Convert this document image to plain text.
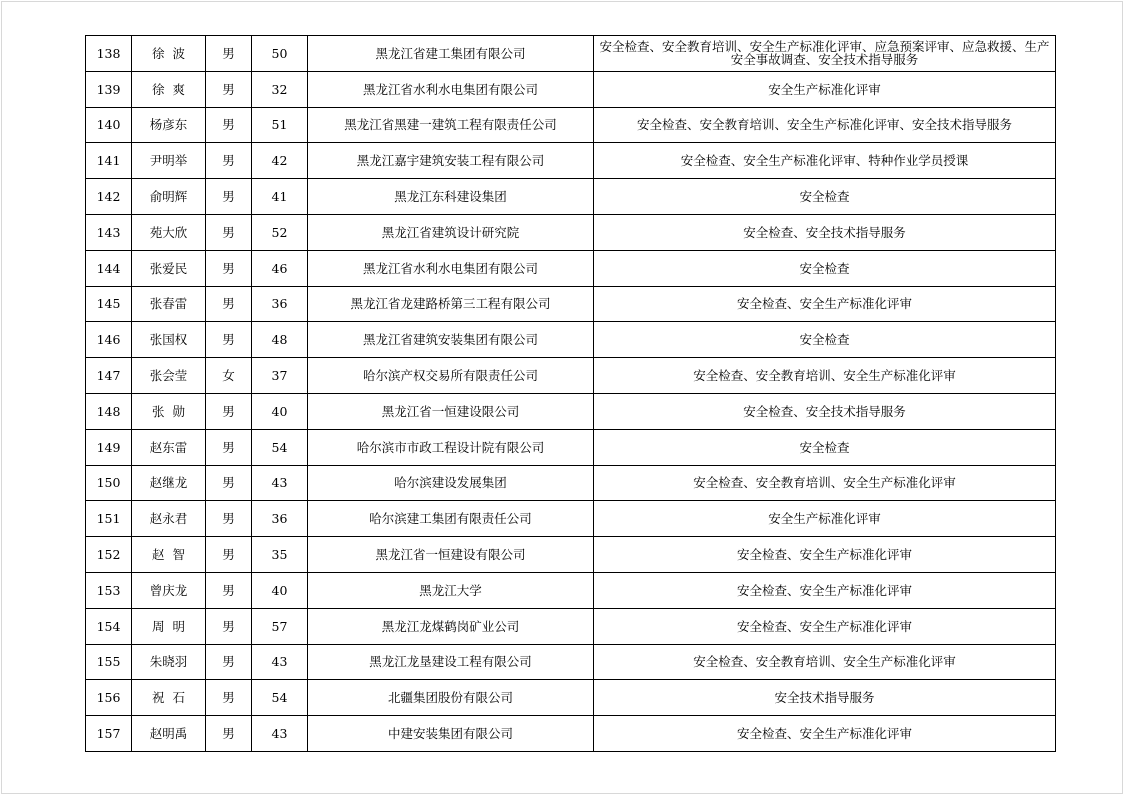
138	徐  波	男	50	黑龙江省建工集团有限公司	安全检查、安全教育培训、安全生产标准化评审、应急预案评审、应急救援、生产安全事故调查、安全技术指导服务
139	徐  爽	男	32	黑龙江省水利水电集团有限公司	安全生产标准化评审
140	杨彦东	男	51	黑龙江省黑建一建筑工程有限责任公司	安全检查、安全教育培训、安全生产标准化评审、安全技术指导服务
141	尹明举	男	42	黑龙江嘉宇建筑安装工程有限公司	安全检查、安全生产标准化评审、特种作业学员授课
142	俞明辉	男	41	黑龙江东科建设集团	安全检查
143	苑大欣	男	52	黑龙江省建筑设计研究院	安全检查、安全技术指导服务
144	张爱民	男	46	黑龙江省水利水电集团有限公司	安全检查
145	张春雷	男	36	黑龙江省龙建路桥第三工程有限公司	安全检查、安全生产标准化评审
146	张国权	男	48	黑龙江省建筑安装集团有限公司	安全检查
147	张会莹	女	37	哈尔滨产权交易所有限责任公司	安全检查、安全教育培训、安全生产标准化评审
148	张  勋	男	40	黑龙江省一恒建设限公司	安全检查、安全技术指导服务
149	赵东雷	男	54	哈尔滨市市政工程设计院有限公司	安全检查
150	赵继龙	男	43	哈尔滨建设发展集团	安全检查、安全教育培训、安全生产标准化评审
151	赵永君	男	36	哈尔滨建工集团有限责任公司	安全生产标准化评审
152	赵  智	男	35	黑龙江省一恒建设有限公司	安全检查、安全生产标准化评审
153	曾庆龙	男	40	黑龙江大学	安全检查、安全生产标准化评审
154	周  明	男	57	黑龙江龙煤鹤岗矿业公司	安全检查、安全生产标准化评审
155	朱晓羽	男	43	黑龙江龙垦建设工程有限公司	安全检查、安全教育培训、安全生产标准化评审
156	祝  石	男	54	北疆集团股份有限公司	安全技术指导服务
157	赵明禹	男	43	中建安装集团有限公司	安全检查、安全生产标准化评审
